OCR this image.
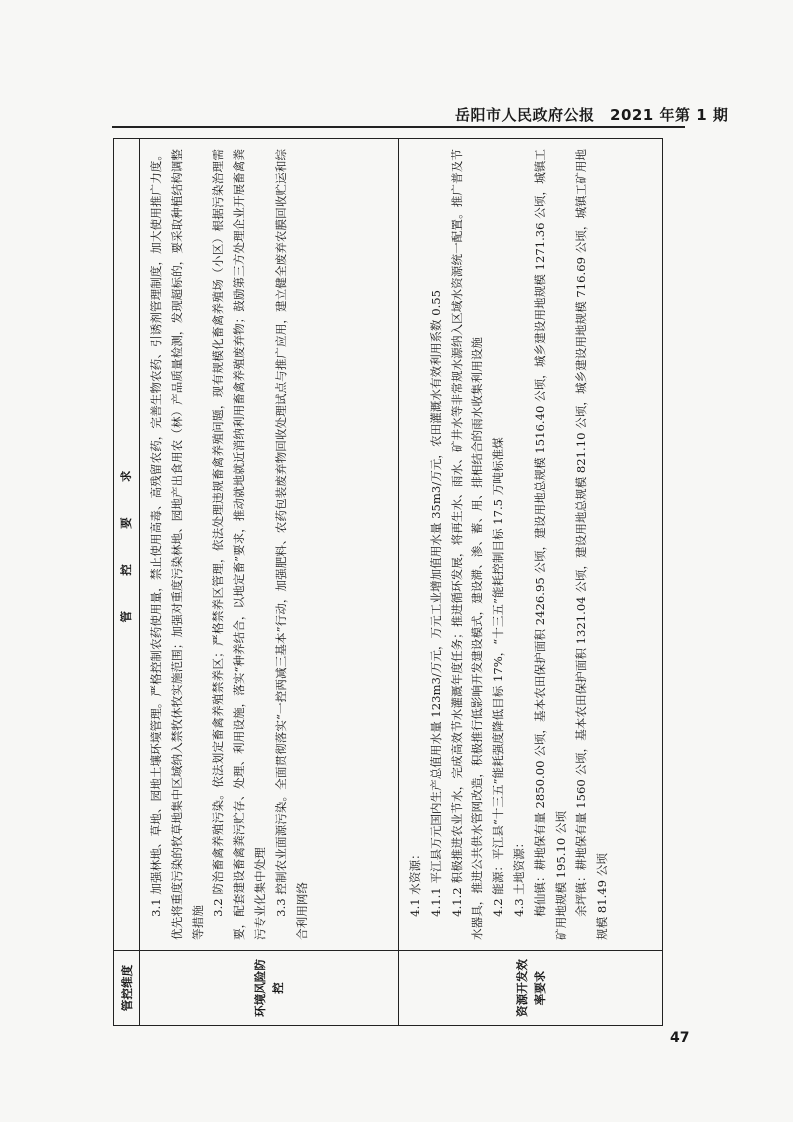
岳阳市人民政府公报　2021 年第 1 期
管控维度
管　　控　　要　　求
环境风险防控

3.1 加强林地、草地、园地土壤环境管理。严格控制农药使用量，禁止使用高毒、高残留农药，完善生物农药、引诱剂管理制度，加大使用推广力度。优先将重度污染的牧草地集中区域纳入禁牧休牧实施范围；加强对重度污染林地、园地产出食用农（林）产品质量检测，发现超标的，要采取种植结构调整等措施

3.2 防治畜禽养殖污染。依法划定畜禽养殖禁养区；严格禁养区管理，依法处理违规畜禽养殖问题，现有规模化畜禽养殖场（小区）根据污染治理需要，配套建设畜禽粪污贮存、处理、利用设施，落实“种养结合，以地定畜”要求，推动就地就近消纳利用畜禽养殖废弃物；鼓励第三方处理企业开展畜禽粪污专业化集中处理 3.3 控制农业面源污染。全面贯彻落实“一控两减三基本”行动，加强肥料、农药包装废弃物回收处理试点与推广应用，建立健全废弃农膜回收贮运和综合利用网络

资源开发效率要求

4.1 水资源： 4.1.1 平江县万元国内生产总值用水量 123m3/万元，万元工业增加值用水量 35m3/万元，农田灌溉水有效利用系数 0.55 4.1.2 积极推进农业节水，完成高效节水灌溉年度任务；推进循环发展，将再生水、雨水、矿井水等非常规水源纳入区域水资源统一配置。推广普及节水器具，推进公共供水管网改造，积极推行低影响开发建设模式，建设滞、渗、蓄、用、排相结合的雨水收集利用设施 4.2 能源：平江县“十三五”能耗强度降低目标 17%，“十三五”能耗控制目标 17.5 万吨标准煤 4.3 土地资源： 梅仙镇：耕地保有量 2850.00 公顷，基本农田保护面积 2426.95 公顷，建设用地总规模 1516.40 公顷，城乡建设用地规模 1271.36 公顷，城镇工矿用地规模 195.10 公顷 余坪镇：耕地保有量 1560 公顷，基本农田保护面积 1321.04 公顷，建设用地总规模 821.10 公顷，城乡建设用地规模 716.69 公顷，城镇工矿用地规模 81.49 公顷

47
